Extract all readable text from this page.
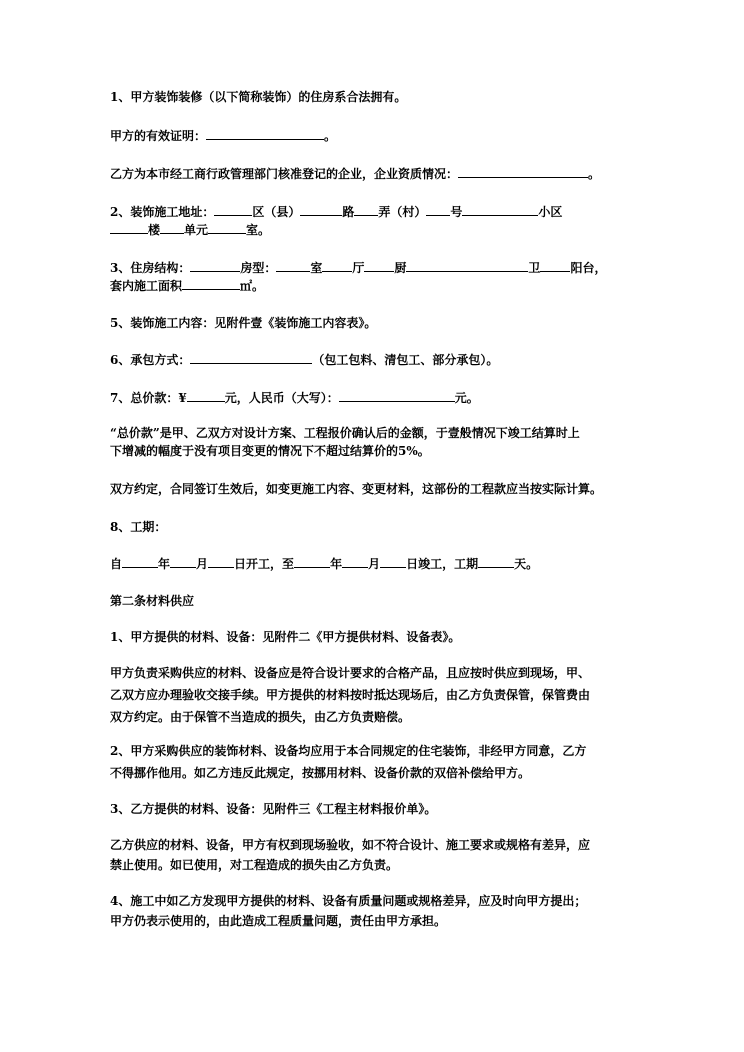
1、甲方装饰装修（以下简称装饰）的住房系合法拥有。
甲方的有效证明：	。
乙方为本市经工商行政管理部门核准登记的企业，企业资质情况：	。
2、装饰施工地址：	区（县）	路 弄（村） 号	小区
楼 单元	室。
3、住房结构：	房型：	室	厅	厨	卫	阳台，
套内施工面积	㎡。
5、装饰施工内容：见附件壹《装饰施工内容表》。
6、承包方式：	（包工包料、清包工、部分承包）。
7、总价款：¥	元，人民币（大写）：	元。
“总价款”是甲、乙双方对设计方案、工程报价确认后的金额，于壹般情况下竣工结算时上
下增减的幅度于没有项目变更的情况下不超过结算价的5%。
双方约定，合同签订生效后，如变更施工内容、变更材料，这部份的工程款应当按实际计算。
8、工期：
自	年 月 日开工，至	年 月 日竣工，工期	天。
第二条材料供应
1、甲方提供的材料、设备：见附件二《甲方提供材料、设备表》。
甲方负责采购供应的材料、设备应是符合设计要求的合格产品，且应按时供应到现场，甲、
乙双方应办理验收交接手续。甲方提供的材料按时抵达现场后，由乙方负责保管，保管费由
双方约定。由于保管不当造成的损失，由乙方负责赔偿。
2、甲方采购供应的装饰材料、设备均应用于本合同规定的住宅装饰，非经甲方同意，乙方
不得挪作他用。如乙方违反此规定，按挪用材料、设备价款的双倍补偿给甲方。
3、乙方提供的材料、设备：见附件三《工程主材料报价单》。
乙方供应的材料、设备，甲方有权到现场验收，如不符合设计、施工要求或规格有差异，应
禁止使用。如已使用，对工程造成的损失由乙方负责。
4、施工中如乙方发现甲方提供的材料、设备有质量问题或规格差异，应及时向甲方提出；
甲方仍表示使用的，由此造成工程质量问题，责任由甲方承担。
